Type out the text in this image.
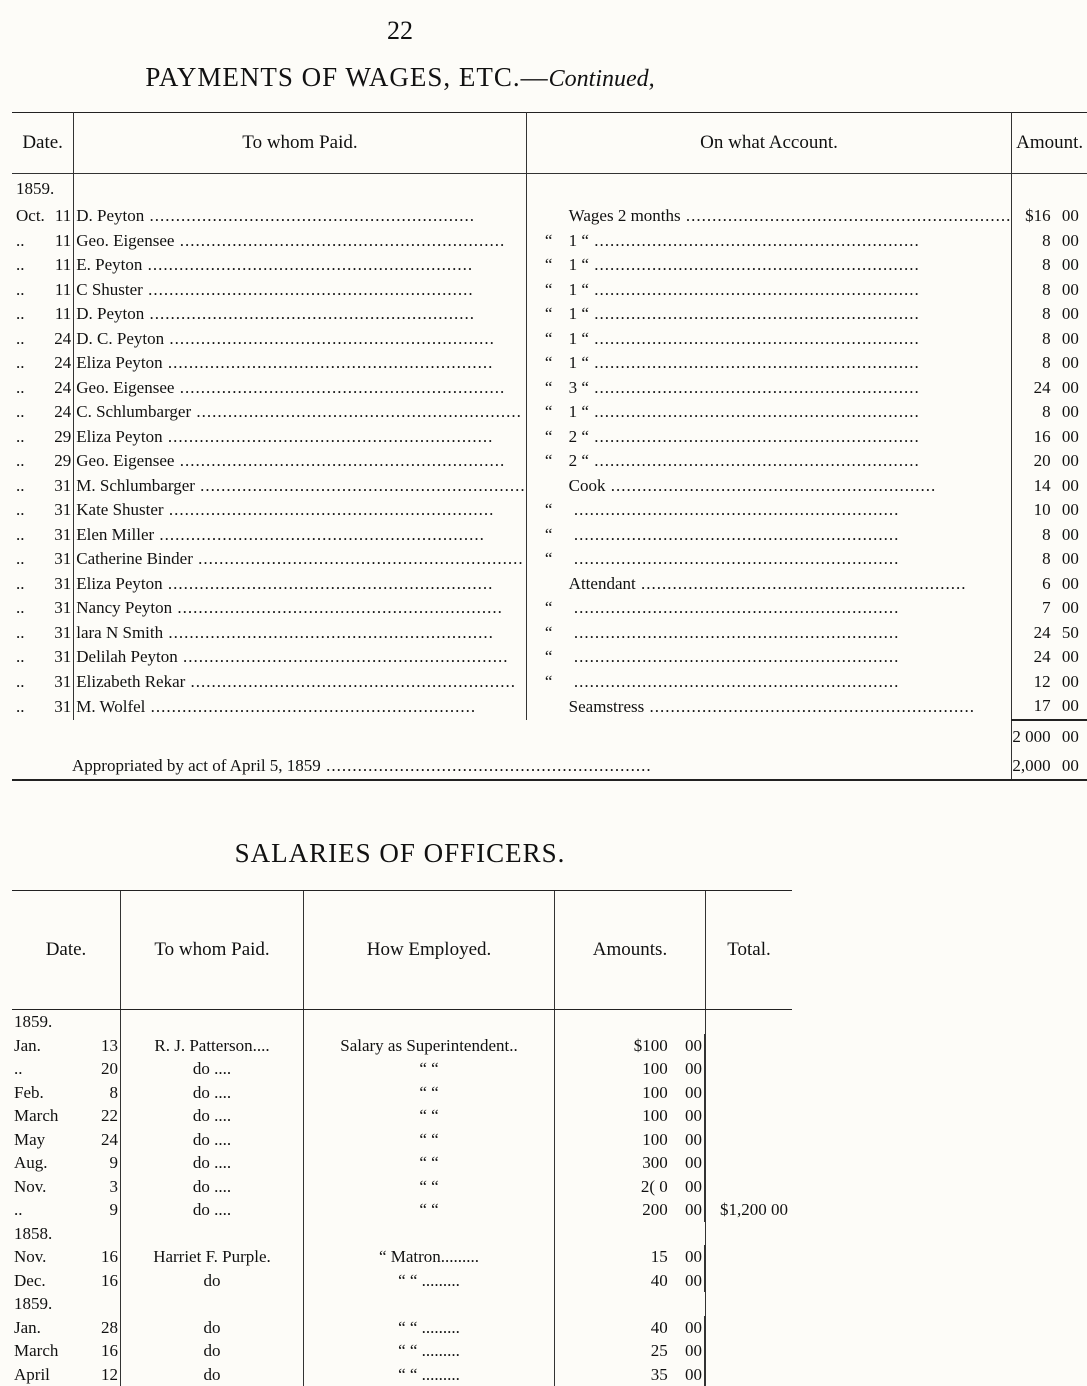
22
PAYMENTS OF WAGES, ETC.—Continued,
Date.		To whom Paid.	On what Account.	Amount.
1859.				
Oct.	11	D. Peyton .....	Wages 2 months .....	$16 00
..	11	Geo. Eigensee .....	“ 1 “ .....	8 00
..	11	E. Peyton .....	“ 1 “ .....	8 00
..	11	C Shuster .....	“ 1 “ .....	8 00
..	11	D. Peyton .....	“ 1 “ .....	8 00
..	24	D. C. Peyton .....	“ 1 “ .....	8 00
..	24	Eliza Peyton .....	“ 1 “ .....	8 00
..	24	Geo. Eigensee .....	“ 3 “ .....	24 00
..	24	C. Schlumbarger .....	“ 1 “ .....	8 00
..	29	Eliza Peyton .....	“ 2 “ .....	16 00
..	29	Geo. Eigensee .....	“ 2 “ .....	20 00
..	31	M. Schlumbarger .....	Cook .....	14 00
..	31	Kate Shuster .....	“ .....	10 00
..	31	Elen Miller .....	“ .....	8 00
..	31	Catherine Binder .....	“ .....	8 00
..	31	Eliza Peyton .....	Attendant .....	6 00
..	31	Nancy Peyton .....	“ .....	7 00
..	31	lara N Smith .....	“ .....	24 50
..	31	Delilah Peyton .....	“ .....	24 00
..	31	Elizabeth Rekar .....	“ .....	12 00
..	31	M. Wolfel .....	Seamstress .....	17 00
				2 000 00
Appropriated by act of April 5, 1859 .....				2,000 00
SALARIES OF OFFICERS.
Date.		To whom Paid.	How Employed.	Amounts.	Total.
1859.					
Jan.	13	R. J. Patterson....	Salary as Superintendent..	$100 00	
..	20	do ....	“ “	100 00	
Feb.	8	do ....	“ “	100 00	
March	22	do ....	“ “	100 00	
May	24	do ....	“ “	100 00	
Aug.	9	do ....	“ “	300 00	
Nov.	3	do ....	“ “	2( 0 00	
..	9	do ....	“ “	200 00	$1,200 00
1858.					
Nov.	16	Harriet F. Purple.	“ Matron.........	15 00	
Dec.	16	do	“ “ .........	40 00	
1859.					
Jan.	28	do	“ “ .........	40 00	
March	16	do	“ “ .........	25 00	
April	12	do	“ “ .........	35 00	
